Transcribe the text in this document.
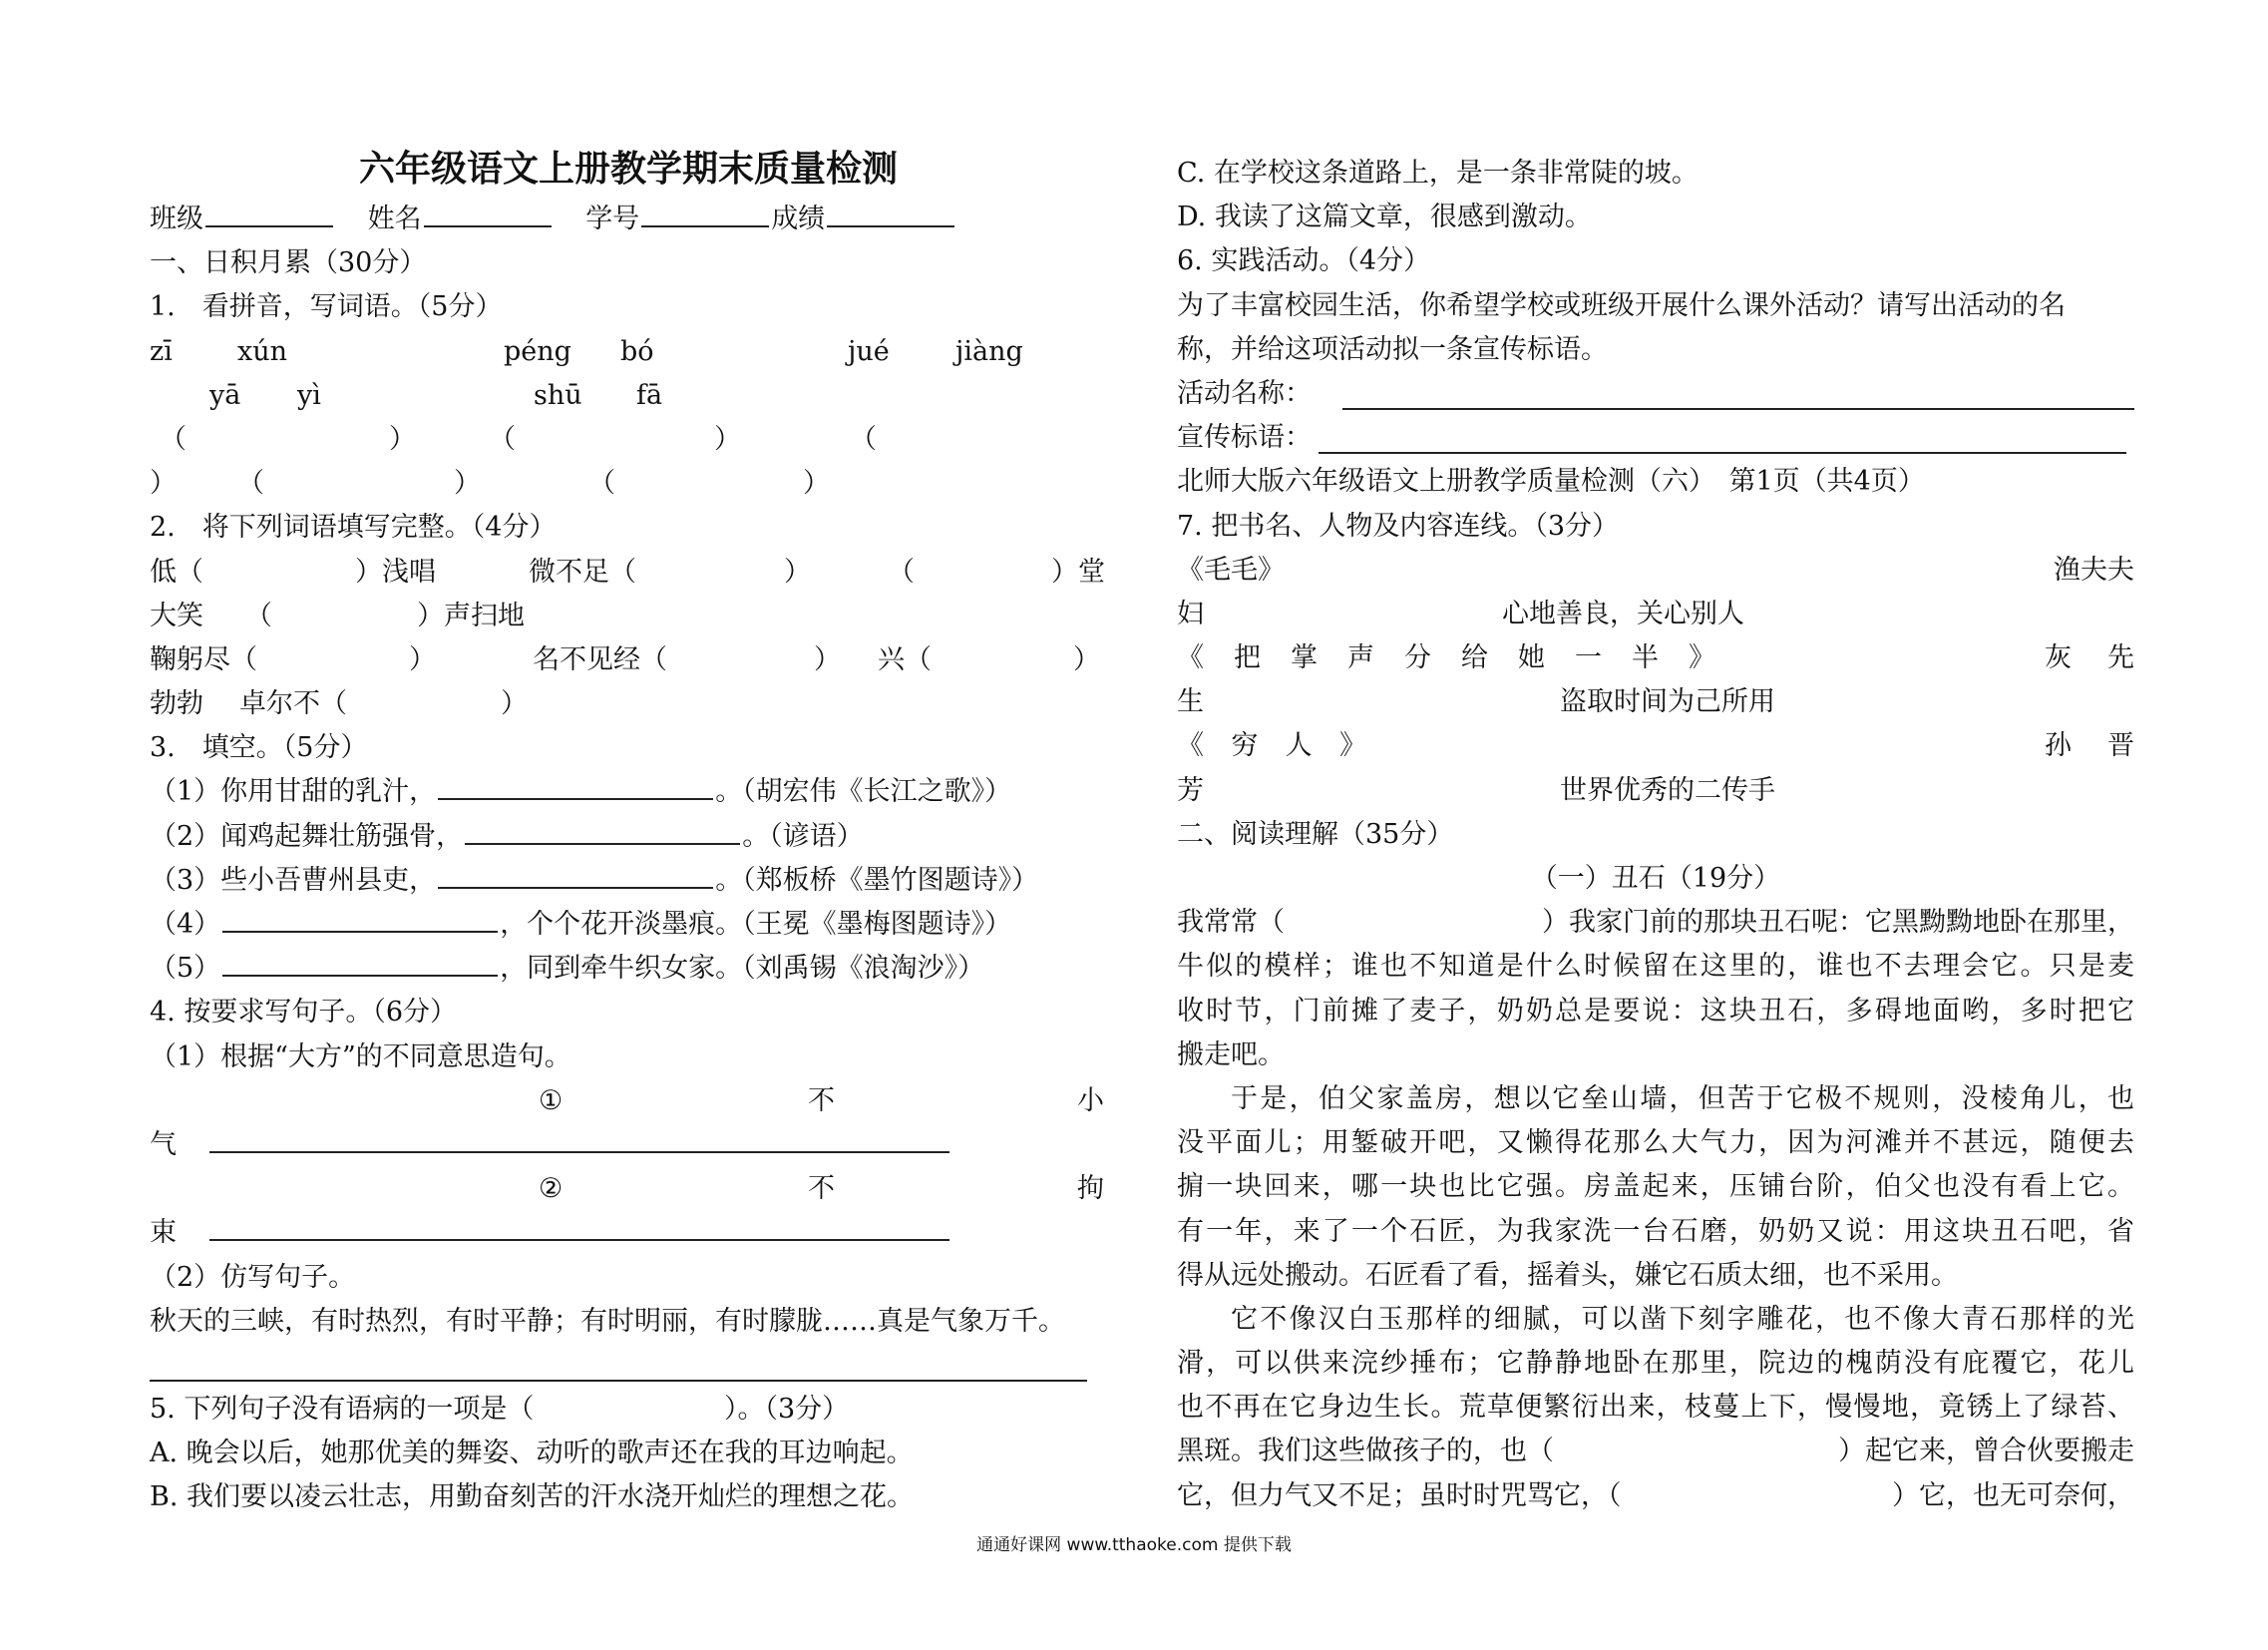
六年级语文上册教学期末质量检测
班级	姓名	学号	成绩
一、日积月累（30分）
1.　看拼音，写词语。（5分）
zī xún	péng bó	jué jiàng
yā yì	shū fā
（	）	（	）	（
） （	）	（	）
2.　将下列词语填写完整。（4分）
低（	）浅唱	微不足（	）	（	）堂
大笑 （	）声扫地
鞠躬尽（	）	名不见经（	） 兴（	）
勃勃 卓尔不（	）
3.　填空。（5分）
（1）你用甘甜的乳汁，	。（胡宏伟《长江之歌》）
（2）闻鸡起舞壮筋强骨，	。（谚语）
（3）些小吾曹州县吏，	。（郑板桥《墨竹图题诗》）
（4）	，个个花开淡墨痕。（王冕《墨梅图题诗》）
（5）	，同到牵牛织女家。（刘禹锡《浪淘沙》）
4. 按要求写句子。（6分）
（1）根据“大方”的不同意思造句。
①	不	小
气
②	不	拘
束
（2）仿写句子。
秋天的三峡，有时热烈，有时平静；有时明丽，有时朦胧……真是气象万千。
5. 下列句子没有语病的一项是（	）。（3分）
A. 晚会以后，她那优美的舞姿、动听的歌声还在我的耳边响起。
B. 我们要以凌云壮志，用勤奋刻苦的汗水浇开灿烂的理想之花。
C. 在学校这条道路上，是一条非常陡的坡。
D. 我读了这篇文章，很感到激动。
6. 实践活动。（4分）
为了丰富校园生活，你希望学校或班级开展什么课外活动？请写出活动的名
称，并给这项活动拟一条宣传标语。
活动名称：
宣传标语：
北师大版六年级语文上册教学质量检测（六）　第1页（共4页）
7. 把书名、人物及内容连线。（3分）
《毛毛》	渔夫夫
妇	心地善良，关心别人
《把掌声分给她一半》	灰先
生	盗取时间为己所用
《穷人》	孙晋
芳	世界优秀的二传手
二、阅读理解（35分）
（一）丑石（19分）
我常常（	）我家门前的那块丑石呢：它黑黝黝地卧在那里，
牛似的模样；谁也不知道是什么时候留在这里的，谁也不去理会它。只是麦
收时节，门前摊了麦子，奶奶总是要说：这块丑石，多碍地面哟，多时把它
搬走吧。
于是，伯父家盖房，想以它垒山墙，但苦于它极不规则，没棱角儿，也
没平面儿；用錾破开吧，又懒得花那么大气力，因为河滩并不甚远，随便去
掮一块回来，哪一块也比它强。房盖起来，压铺台阶，伯父也没有看上它。
有一年，来了一个石匠，为我家洗一台石磨，奶奶又说：用这块丑石吧，省
得从远处搬动。石匠看了看，摇着头，嫌它石质太细，也不采用。
它不像汉白玉那样的细腻，可以凿下刻字雕花，也不像大青石那样的光
滑，可以供来浣纱捶布；它静静地卧在那里，院边的槐荫没有庇覆它，花儿
也不再在它身边生长。荒草便繁衍出来，枝蔓上下，慢慢地，竟锈上了绿苔、
黑斑。我们这些做孩子的，也（	）起它来，曾合伙要搬走
它，但力气又不足；虽时时咒骂它，（	）它，也无可奈何，
通通好课网 www.tthaoke.com 提供下载
